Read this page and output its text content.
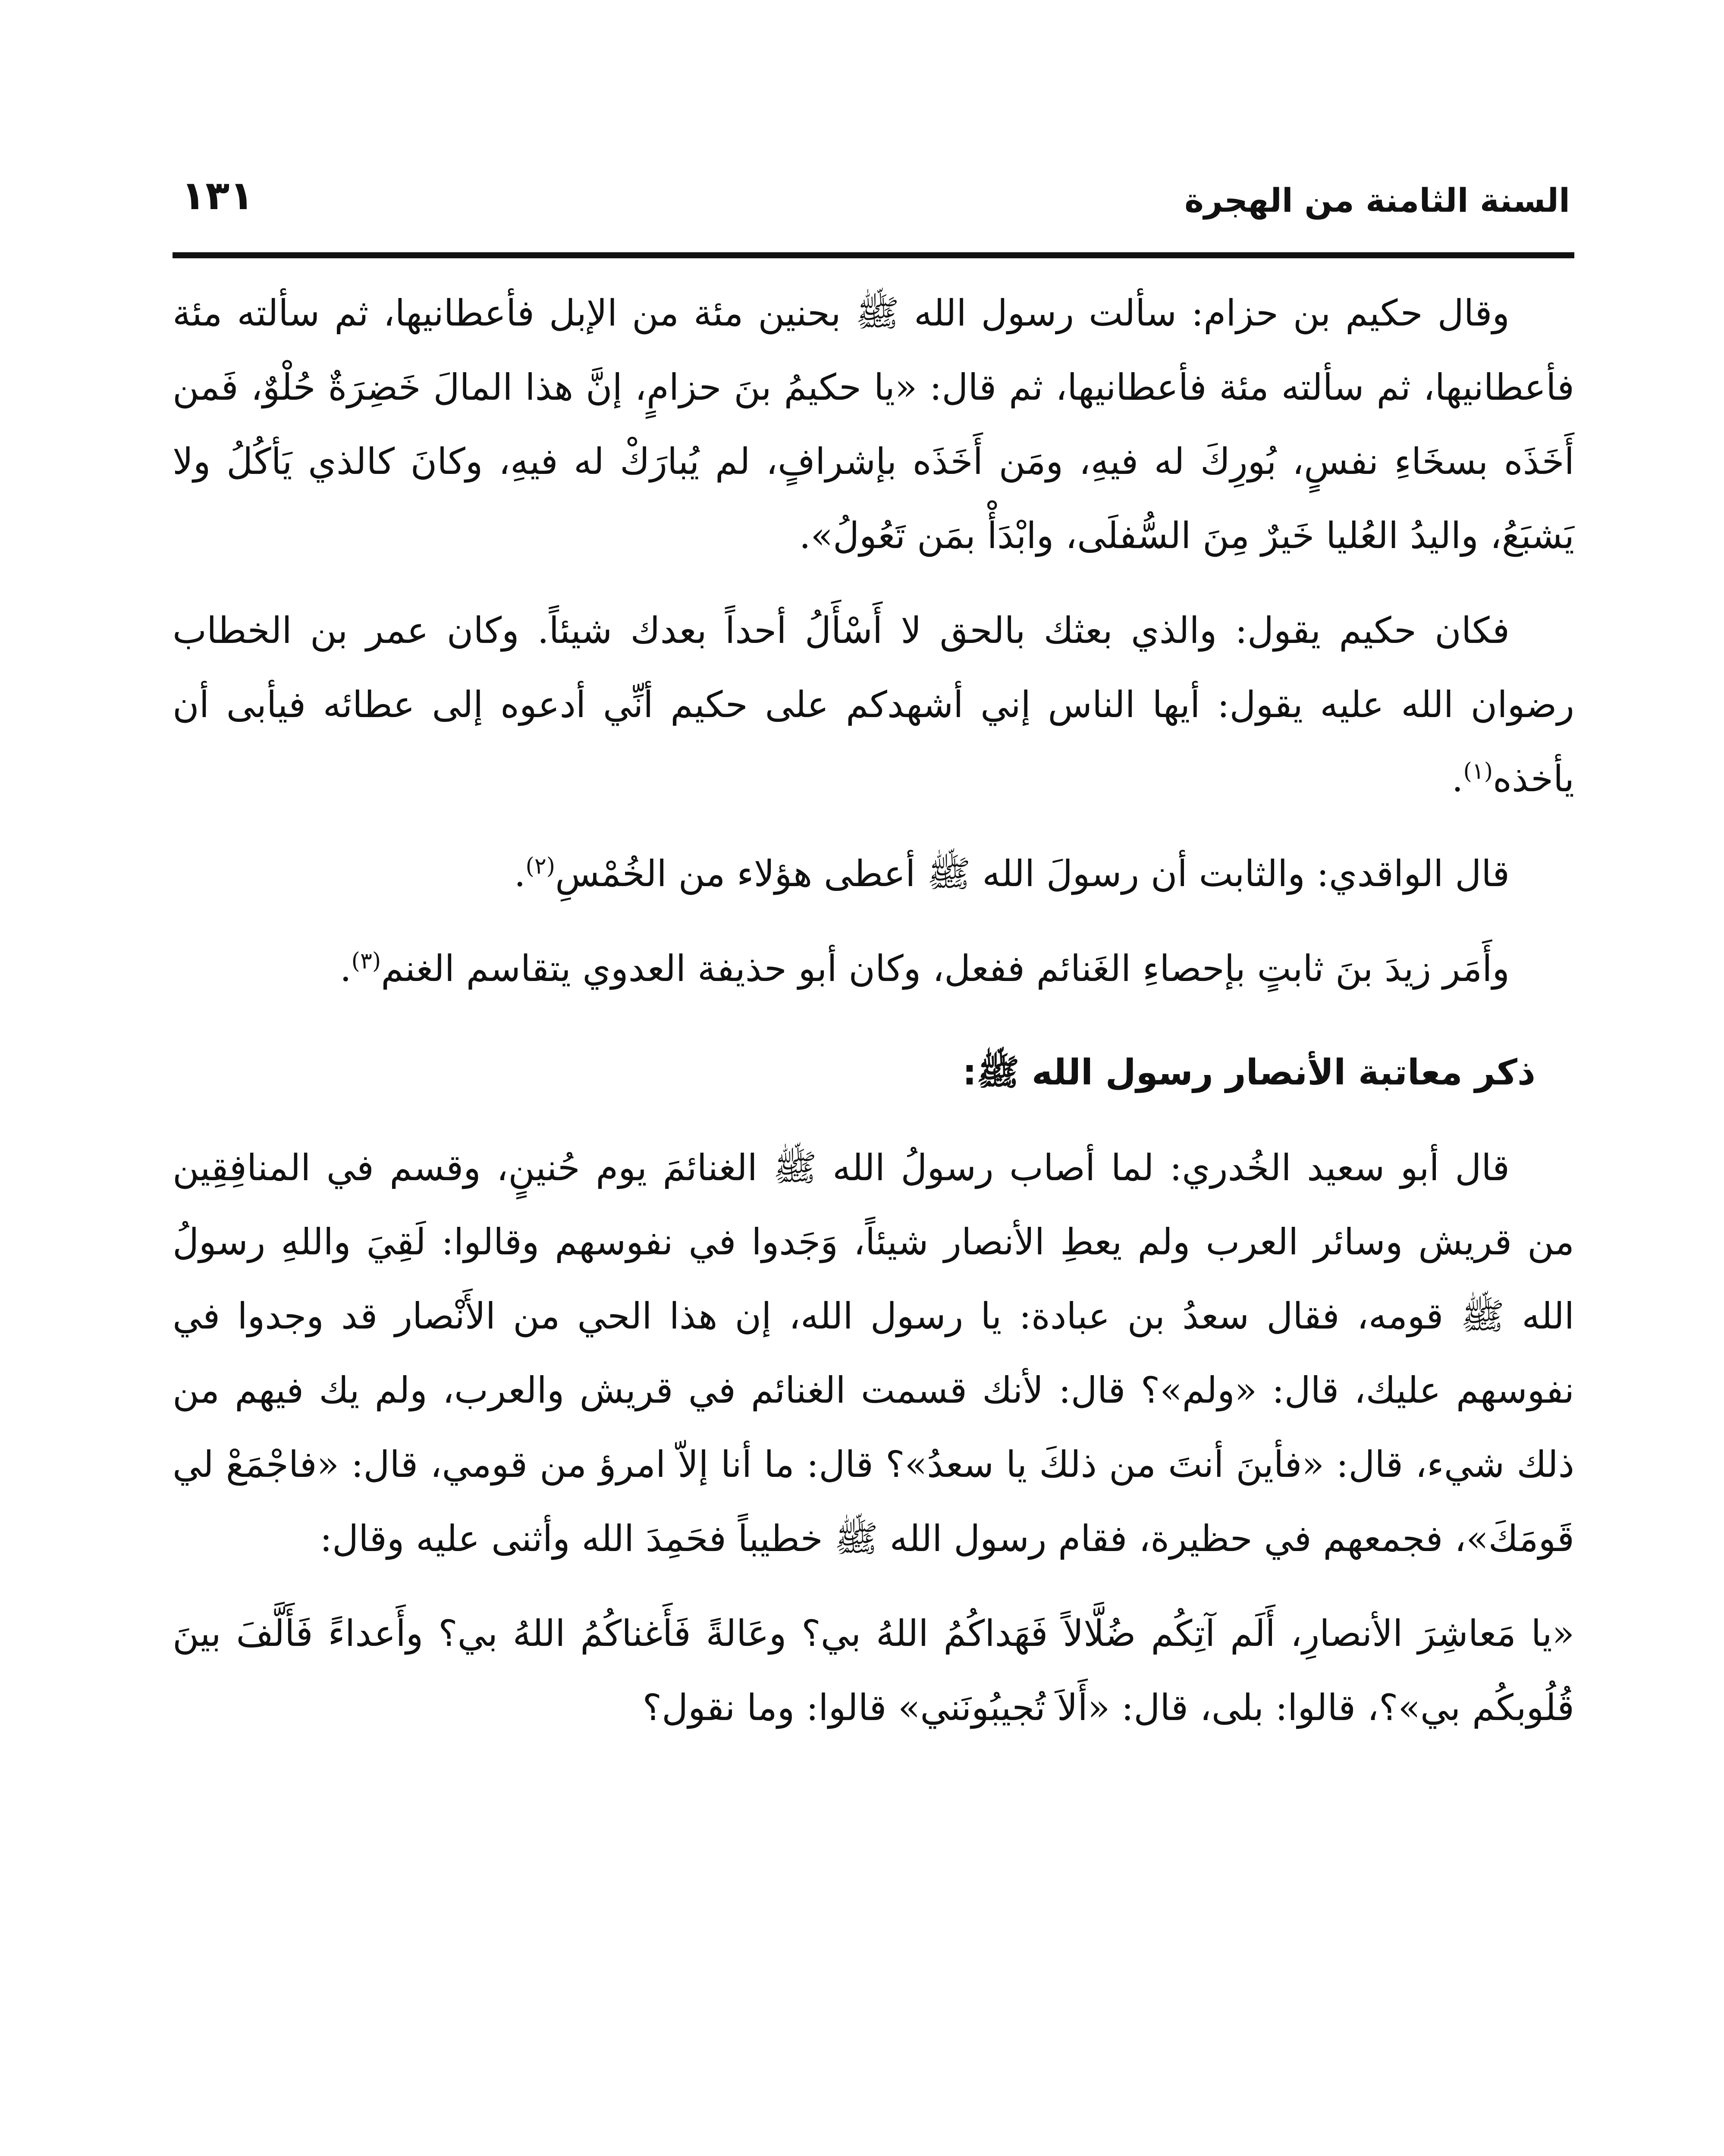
السنة الثامنة من الهجرة
١٣١

وقال حكيم بن حزام: سألت رسول الله ﷺ بحنين مئة من الإبل فأعطانيها، ثم سألته مئة فأعطانيها، ثم سألته مئة فأعطانيها، ثم قال: «يا حكيمُ بنَ حزامٍ، إنَّ هذا المالَ خَضِرَةٌ حُلْوٌ، فَمن أَخَذَه بسخَاءِ نفسٍ، بُورِكَ له فيهِ، ومَن أَخَذَه بإشرافٍ، لم يُبارَكْ له فيهِ، وكانَ كالذي يَأكُلُ ولا يَشبَعُ، واليدُ العُليا خَيرٌ مِنَ السُّفلَى، وابْدَأْ بمَن تَعُولُ».

فكان حكيم يقول: والذي بعثك بالحق لا أَسْأَلُ أحداً بعدك شيئاً. وكان عمر بن الخطاب رضوان الله عليه يقول: أيها الناس إني أشهدكم على حكيم أنِّي أدعوه إلى عطائه فيأبى أن يأخذه$^{(١)}$.

قال الواقدي: والثابت أن رسولَ الله ﷺ أعطى هؤلاء من الخُمْسِ$^{(٢)}$.

وأَمَر زيدَ بنَ ثابتٍ بإحصاءِ الغَنائم ففعل، وكان أبو حذيفة العدوي يتقاسم الغنم$^{(٣)}$.

ذكر معاتبة الأنصار رسول الله ﷺ:

قال أبو سعيد الخُدري: لما أصاب رسولُ الله ﷺ الغنائمَ يوم حُنينٍ، وقسم في المنافِقِين من قريش وسائر العرب ولم يعطِ الأنصار شيئاً، وَجَدوا في نفوسهم وقالوا: لَقِيَ واللهِ رسولُ الله ﷺ قومه، فقال سعدُ بن عبادة: يا رسول الله، إن هذا الحي من الأَنْصار قد وجدوا في نفوسهم عليك، قال: «ولم»؟ قال: لأنك قسمت الغنائم في قريش والعرب، ولم يك فيهم من ذلك شيء، قال: «فأينَ أنتَ من ذلكَ يا سعدُ»؟ قال: ما أنا إلاّ امرؤ من قومي، قال: «فاجْمَعْ لي قَومَكَ»، فجمعهم في حظيرة، فقام رسول الله ﷺ خطيباً فحَمِدَ الله وأثنى عليه وقال:

«يا مَعاشِرَ الأنصارِ، أَلَم آتِكُم ضُلَّالاً فَهَداكُمُ اللهُ بي؟ وعَالةً فَأَغناكُمُ اللهُ بي؟ وأَعداءً فَأَلَّفَ بينَ قُلُوبكُم بي»؟، قالوا: بلى، قال: «أَلاَ تُجيبُونَني» قالوا: وما نقول؟
